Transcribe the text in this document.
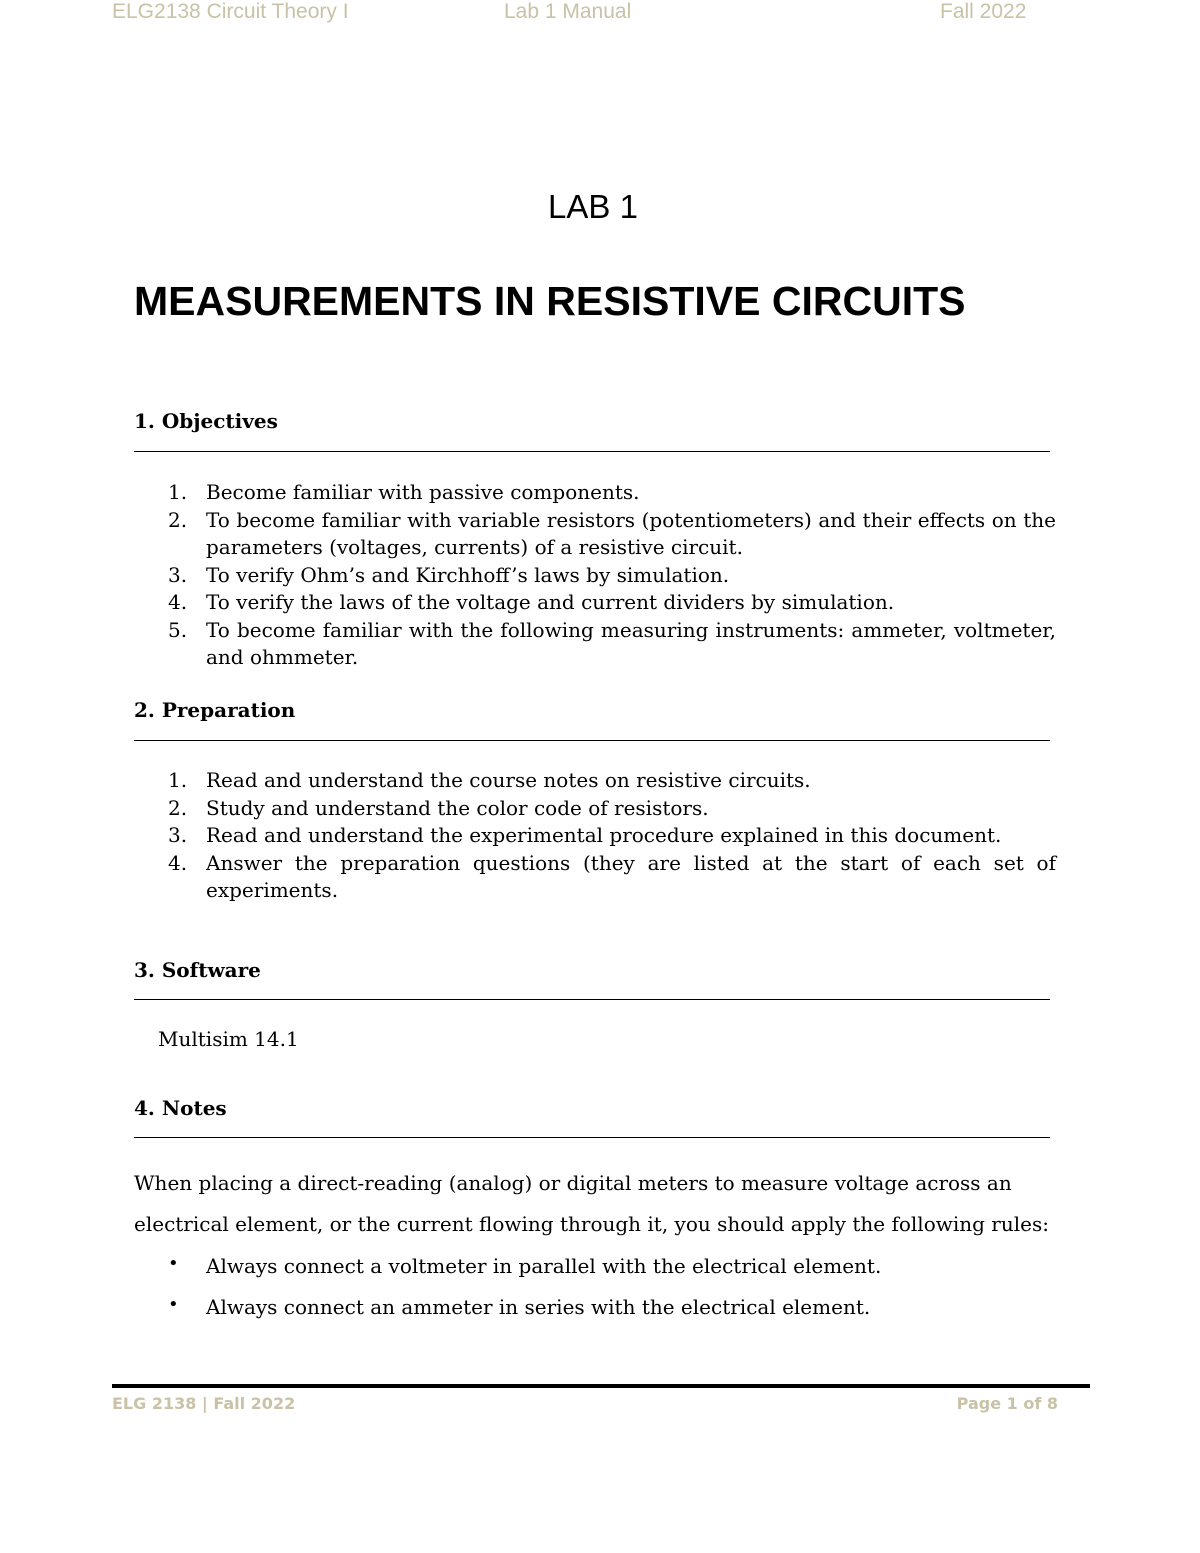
ELG2138 Circuit Theory I	Lab 1 Manual	Fall 2022
LAB 1
MEASUREMENTS IN RESISTIVE CIRCUITS
1. Objectives
1. Become familiar with passive components.
2. To become familiar with variable resistors (potentiometers) and their effects on the parameters (voltages, currents) of a resistive circuit.
3. To verify Ohm’s and Kirchhoff’s laws by simulation.
4. To verify the laws of the voltage and current dividers by simulation.
5. To become familiar with the following measuring instruments: ammeter, voltmeter, and ohmmeter.
2. Preparation
1. Read and understand the course notes on resistive circuits.
2. Study and understand the color code of resistors.
3. Read and understand the experimental procedure explained in this document.
4. Answer the preparation questions (they are listed at the start of each set of experiments.
3. Software
Multisim 14.1
4. Notes

When placing a direct-reading (analog) or digital meters to measure voltage across an electrical element, or the current flowing through it, you should apply the following rules:

• Always connect a voltmeter in parallel with the electrical element.
• Always connect an ammeter in series with the electrical element.
ELG 2138 | Fall 2022	Page 1 of 8
